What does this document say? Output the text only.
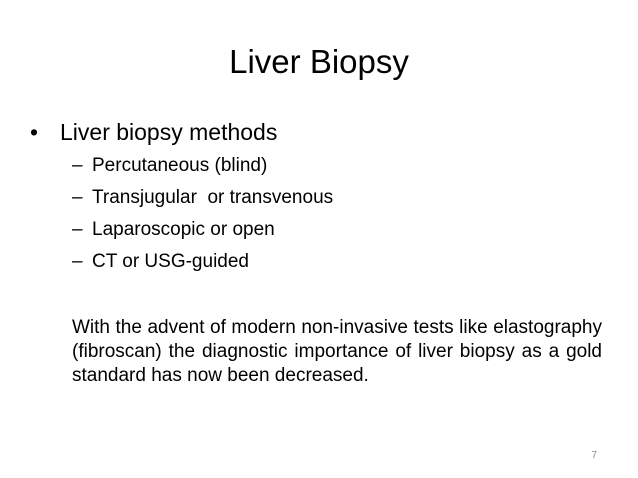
Liver Biopsy
• Liver biopsy methods
– Percutaneous (blind)
– Transjugular  or transvenous
– Laparoscopic or open
– CT or USG-guided

With the advent of modern non-invasive tests like elastography (fibroscan) the diagnostic importance of liver biopsy as a gold standard has now been decreased.

7
